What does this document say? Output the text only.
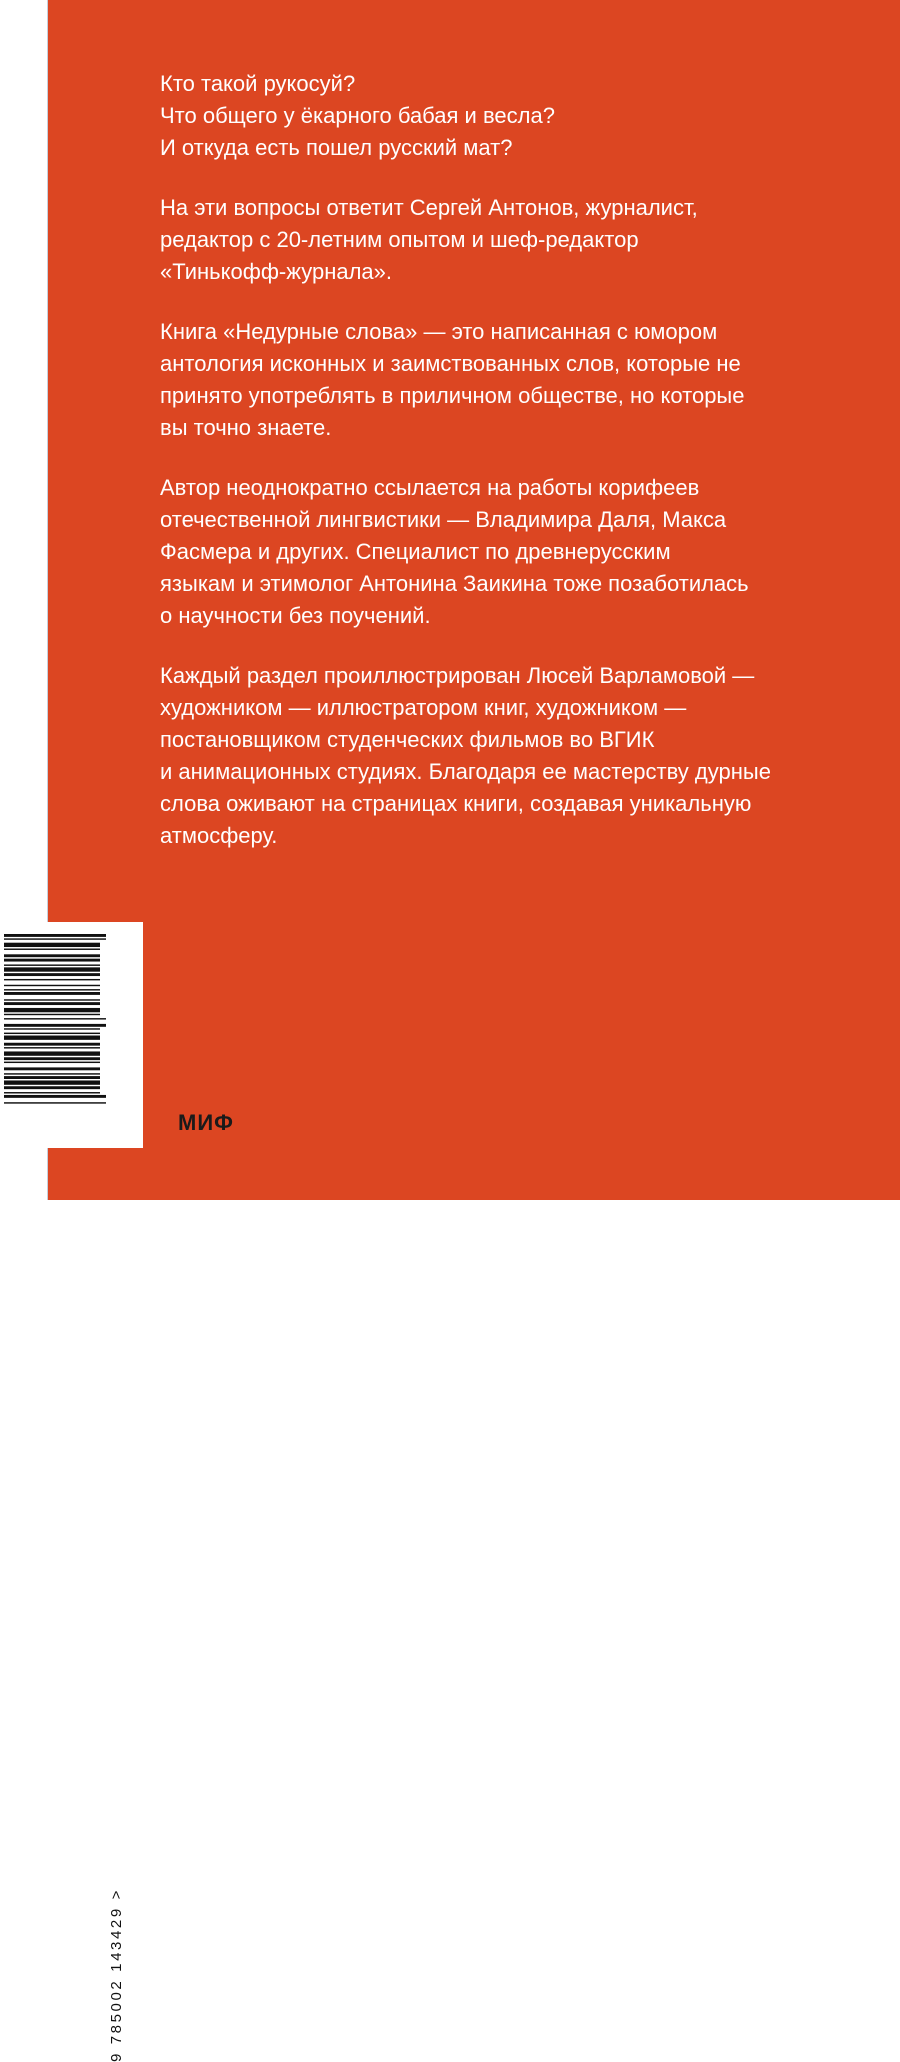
Кто такой рукосуй?
Что общего у ёкарного бабая и весла?
И откуда есть пошел русский мат?

На эти вопросы ответит Сергей Антонов, журналист,
редактор с 20-летним опытом и шеф-редактор
«Тинькофф-журнала».

Книга «Недурные слова» — это написанная с юмором
антология исконных и заимствованных слов, которые не
принято употреблять в приличном обществе, но которые
вы точно знаете.

Автор неоднократно ссылается на работы корифеев
отечественной лингвистики — Владимира Даля, Макса
Фасмера и других. Специалист по древнерусским
языкам и этимолог Антонина Заикина тоже позаботилась
о научности без поучений.

Каждый раздел проиллюстрирован Люсей Варламовой —
художником — иллюстратором книг, художником —
постановщиком студенческих фильмов во ВГИК
и анимационных студиях. Благодаря ее мастерству дурные
слова оживают на страницах книги, создавая уникальную
атмосферу.

9 785002 143429 >
МИФ
